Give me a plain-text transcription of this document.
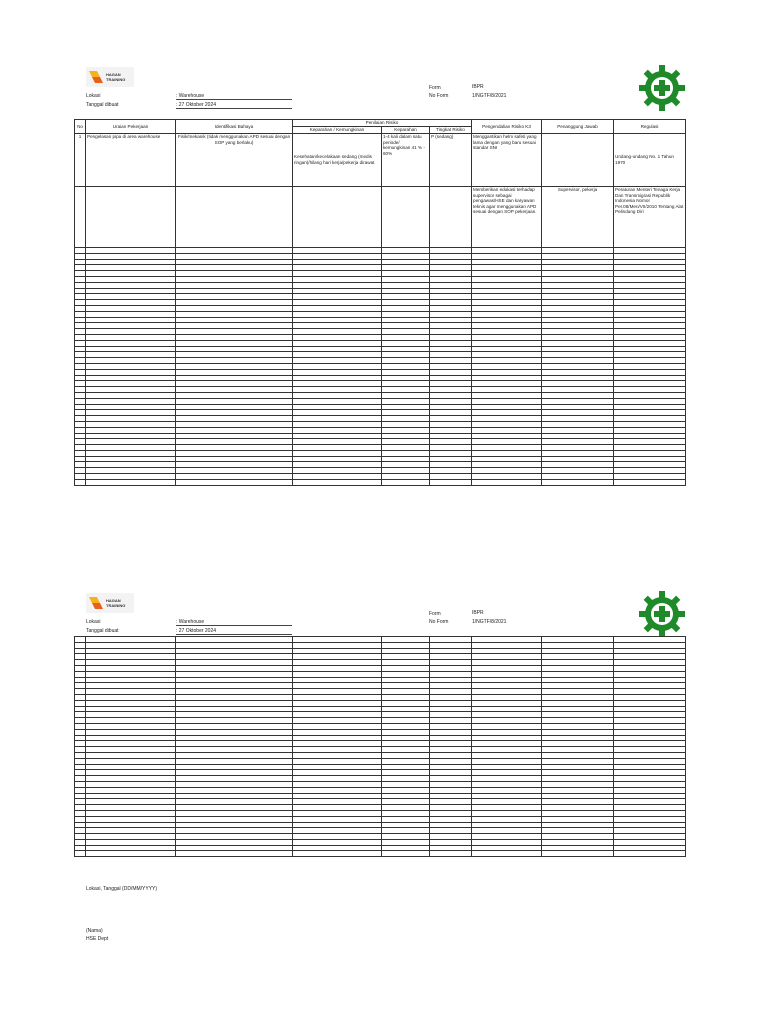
HAGAN
TRAINING
Lokasi	: Warehouse
Tanggal dibuat	: 27 Oktober 2024
Form	IBPR
No Form	1/NGTF/8/2021
No	Uraian Pekerjaan	Identifikasi Bahaya	Penilaian Risiko			Pengendalian Risiko K3	Penanggung Jawab	Regulasi
			Keparahan / Kemungkinan	Keparahan	Tingkat Risiko			
1	Pengelasan pipa di area warehouse	Fisik/mekanik (tidak menggunakan APD sesuai dengan SOP yang berlaku)	Kesehatan/kecelakaan sedang (medis ringan)/hilang hari kerja/pekerja dirawat	1-4 kali dalam satu periode/ kemungkinan 41 % - 60%	P (sedang)	Menggantikan helm safeti yang lama dengan yang baru sesuai standar SNI		Undang-undang No. 1 Tahun 1970
						Memberikan edukasi terhadap supervisor sebagai pengawas/HSE dan karyawan teknis agar menggunakan APD sesuai dengan SOP pekerjaan.	Supervisor, pekerja	Peraturan Menteri Tenaga Kerja Dan Transmigrasi Republik Indonesia Nomor Per.08/Men/VII/2010 Tentang Alat Pelindung Diri

HAGAN
TRAINING
Lokasi	: Warehouse
Tanggal dibuat	: 27 Oktober 2024
Form	IBPR
No Form	1/NGTF/8/2021

Lokasi, Tanggal (DD/MM/YYYY)
(Nama)
HSE Dept
